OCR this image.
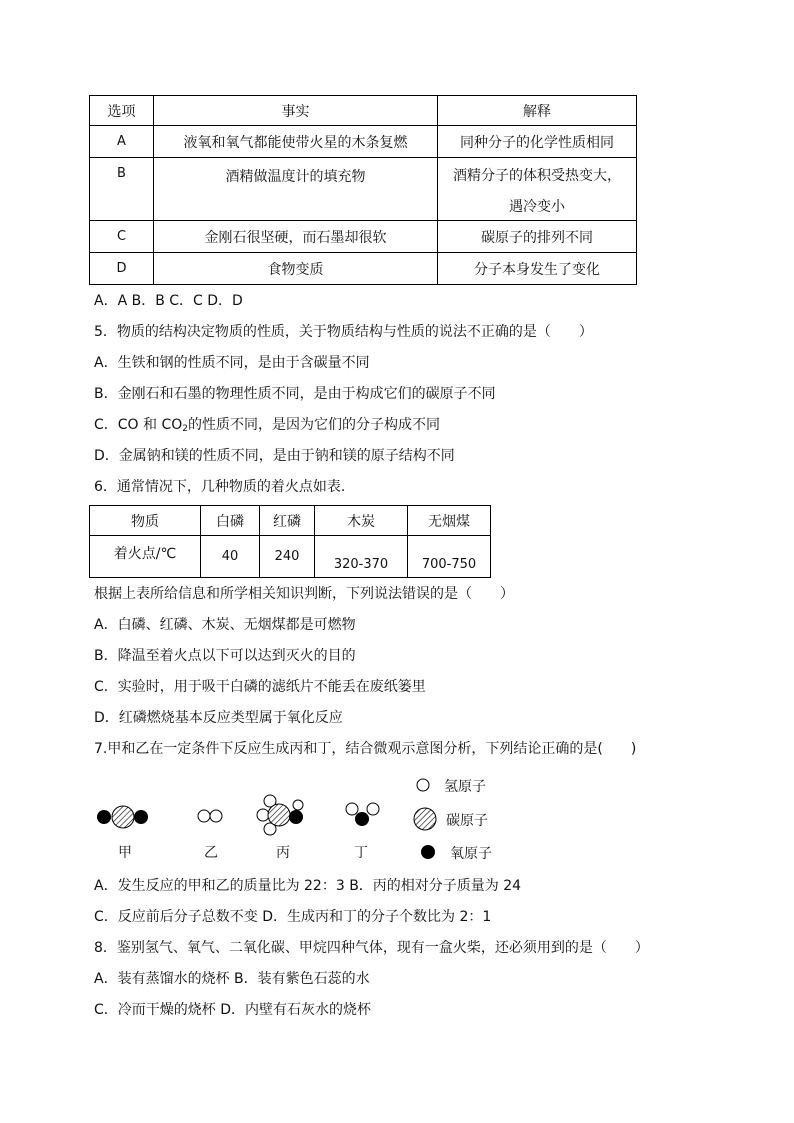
选项	事实	解释
A	液氧和氧气都能使带火星的木条复燃	同种分子的化学性质相同
B	酒精做温度计的填充物	酒精分子的体积受热变大，
遇冷变小

C	金刚石很坚硬，而石墨却很软	碳原子的排列不同
D	食物变质	分子本身发生了变化
A．A B．B C．C D．D
5．物质的结构决定物质的性质，关于物质结构与性质的说法不正确的是（　　）
A．生铁和钢的性质不同，是由于含碳量不同
B．金刚石和石墨的物理性质不同，是由于构成它们的碳原子不同
C．CO 和 $CO_2$的性质不同，是因为它们的分子构成不同
D．金属钠和镁的性质不同，是由于钠和镁的原子结构不同
6．通常情况下，几种物质的着火点如表.
物质	白磷	红磷	木炭	无烟煤
着火点/℃	40	240	320-370	700-750
根据上表所给信息和所学相关知识判断，下列说法错误的是（　　）
A．白磷、红磷、木炭、无烟煤都是可燃物
B．降温至着火点以下可以达到灭火的目的
C．实验时，用于吸干白磷的滤纸片不能丢在废纸篓里
D．红磷燃烧基本反应类型属于氧化反应
7.甲和乙在一定条件下反应生成丙和丁，结合微观示意图分析，下列结论正确的是(　　)
甲	乙	丙	丁
氢原子
碳原子
氧原子
A．发生反应的甲和乙的质量比为 22：3 B．丙的相对分子质量为 24
C．反应前后分子总数不变 D．生成丙和丁的分子个数比为 2：1
8．鉴别氢气、氧气、二氧化碳、甲烷四种气体，现有一盒火柴，还必须用到的是（　　）
A．装有蒸馏水的烧杯 B．装有紫色石蕊的水
C．冷而干燥的烧杯 D．内壁有石灰水的烧杯
